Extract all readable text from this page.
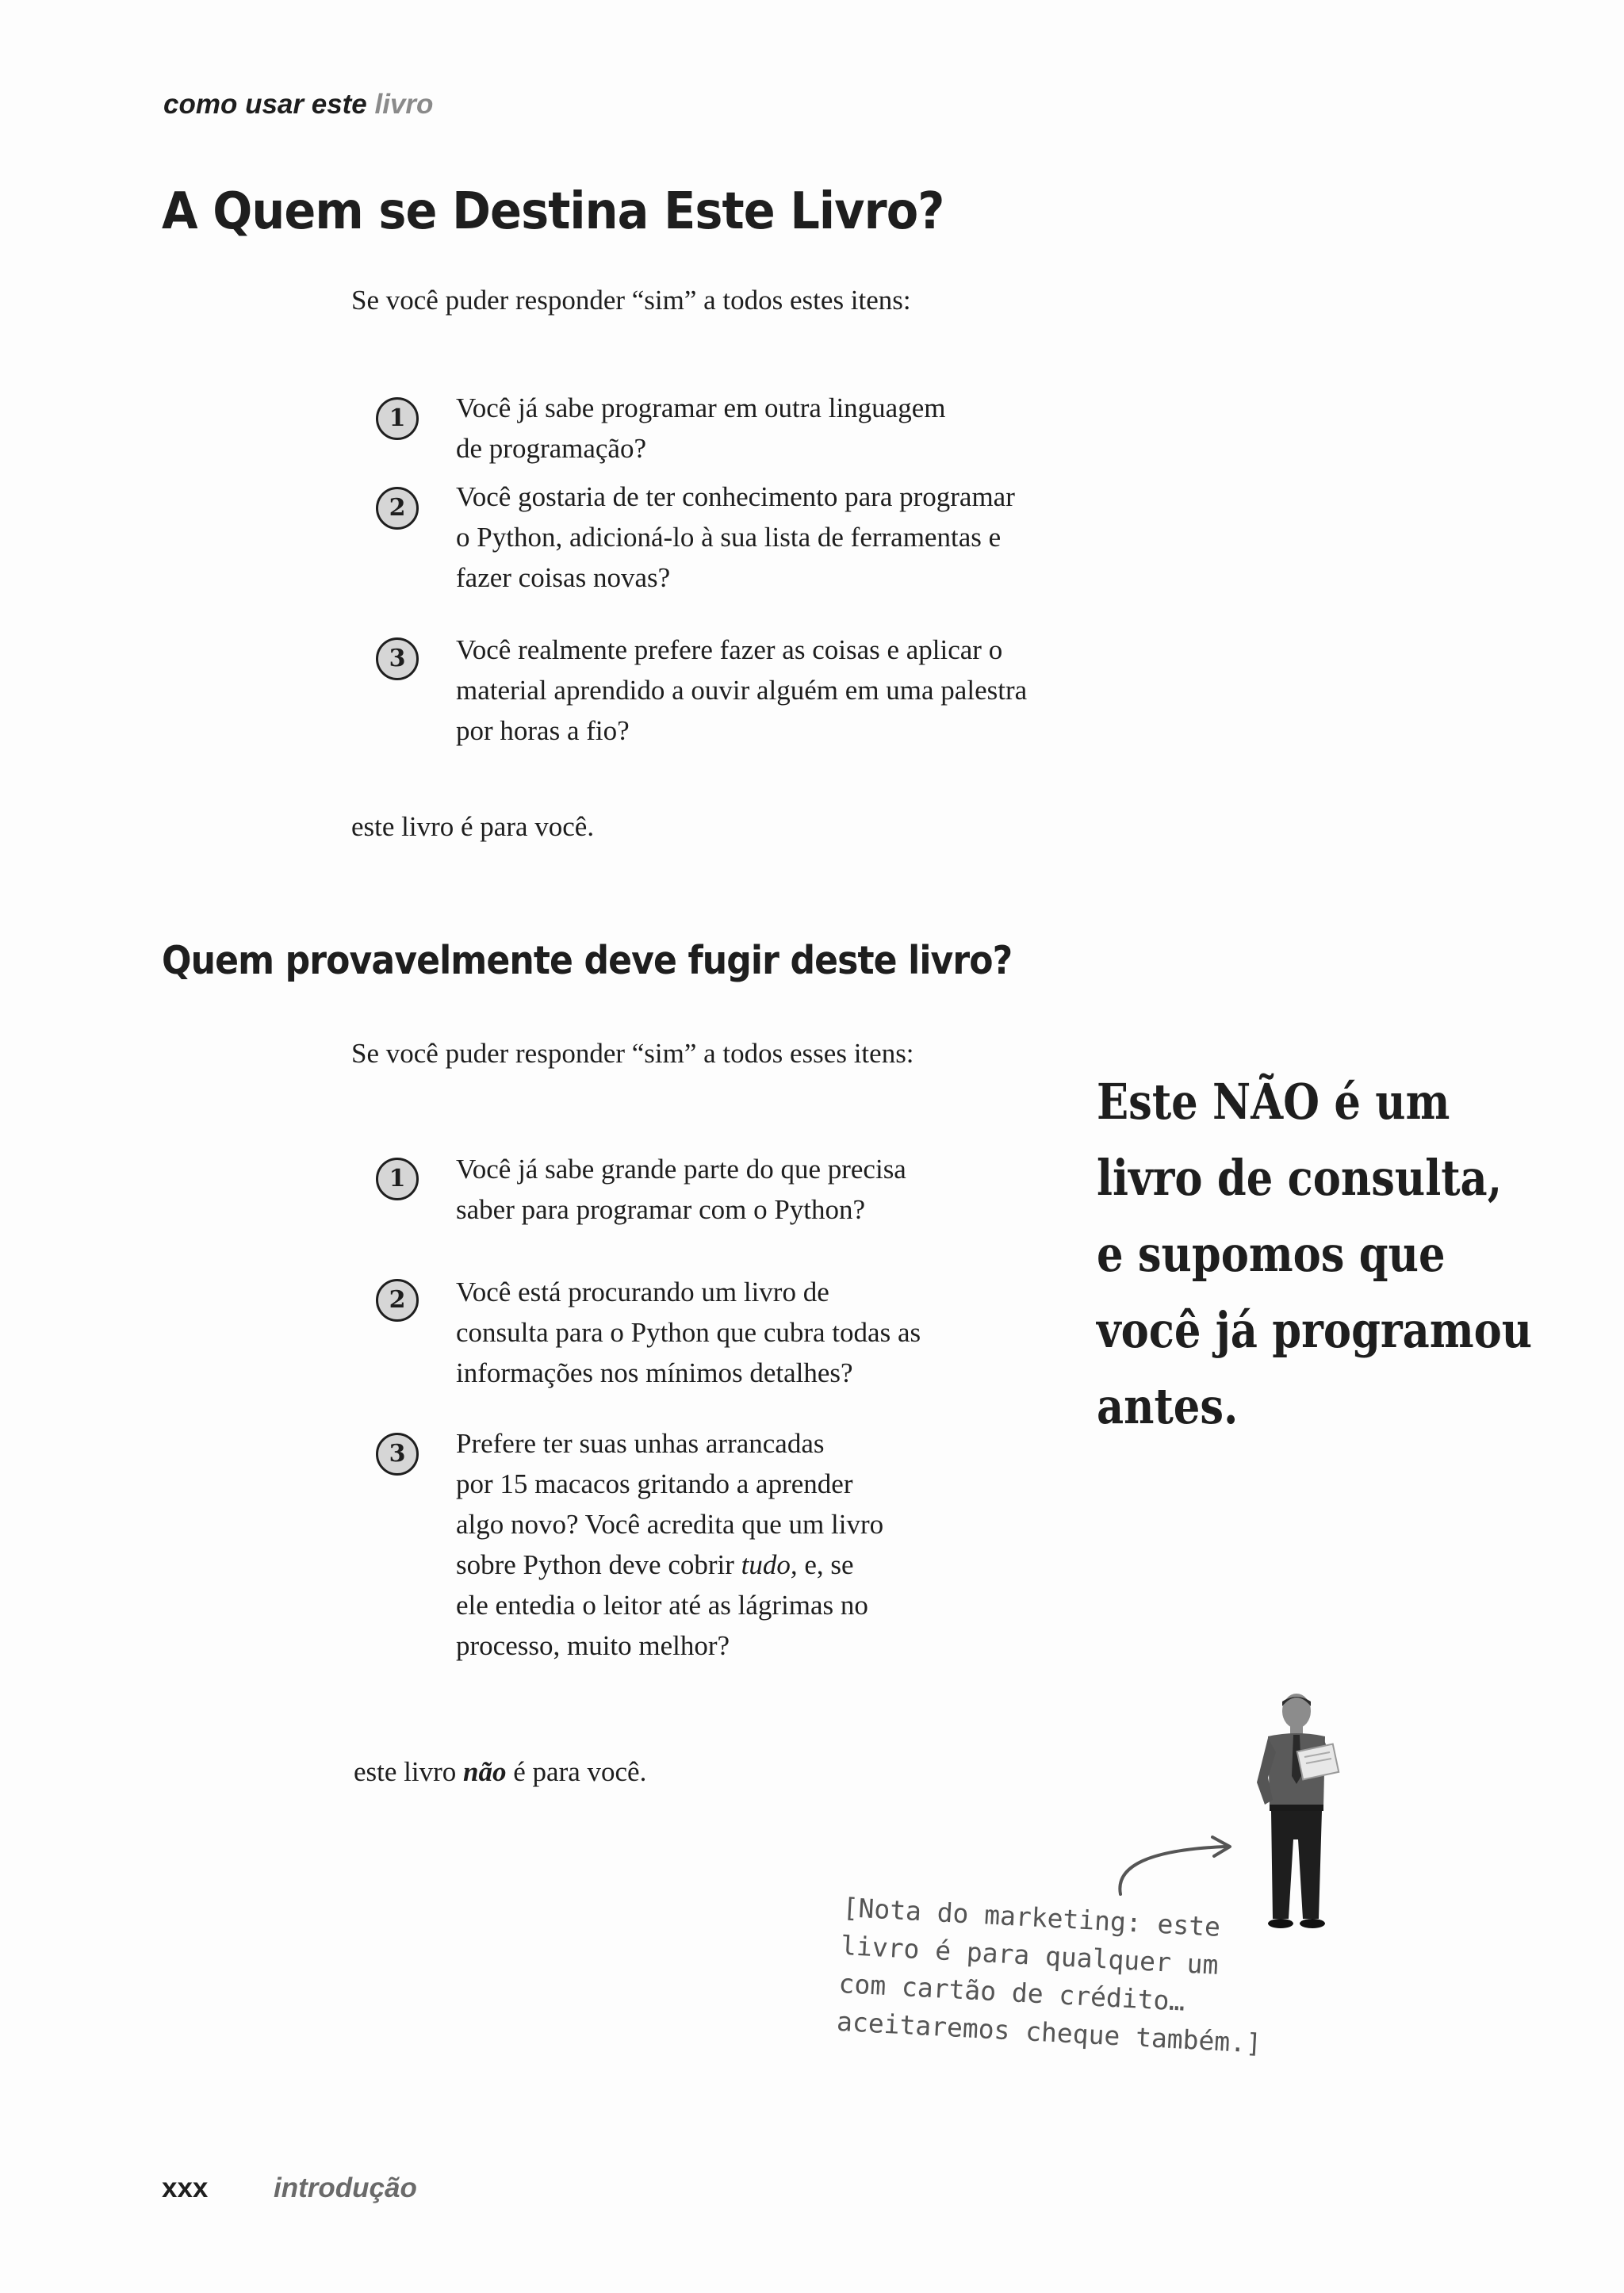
como usar este livro
A Quem se Destina Este Livro?
Se você puder responder “sim” a todos estes itens:
1	Você já sabe programar em outra linguagem
de programação?
2	Você gostaria de ter conhecimento para programar
o Python, adicioná-lo à sua lista de ferramentas e
fazer coisas novas?
3	Você realmente prefere fazer as coisas e aplicar o
material aprendido a ouvir alguém em uma palestra
por horas a fio?
este livro é para você.
Quem provavelmente deve fugir deste livro?
Se você puder responder “sim” a todos esses itens:
1	Você já sabe grande parte do que precisa
saber para programar com o Python?
2	Você está procurando um livro de
consulta para o Python que cubra todas as
informações nos mínimos detalhes?
3	Prefere ter suas unhas arrancadas
por 15 macacos gritando a aprender
algo novo? Você acredita que um livro
sobre Python deve cobrir tudo, e, se
ele entedia o leitor até as lágrimas no
processo, muito melhor?
este livro não é para você.
Este NÃO é um
livro de consulta,
e supomos que
você já programou
antes.
[Nota do marketing: este
livro é para qualquer um
com cartão de crédito…
aceitaremos cheque também.]
xxx introdução
